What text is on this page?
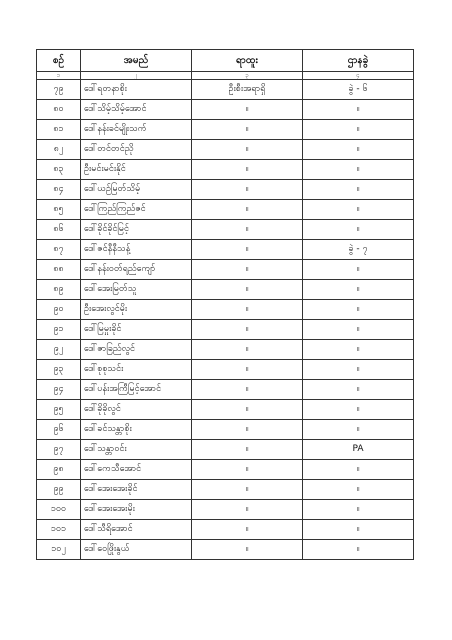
စဉ်	အမည်	ရာထူး	ဌာနခွဲ
၁	၂	၃	၄
၇၉	ဒေါ်ရတနာစိုး	ဦးစီးအရာရှိ	ခွဲ - ၆
၈၀	ဒေါ်သိမ့်သိမ့်အောင်	။	။
၈၁	ဒေါ်နန်းခင်မျိုးသက်	။	။
၈၂	ဒေါ်တင်တင်ညို	။	။
၈၃	ဦးမင်းမင်းနိုင်	။	။
၈၄	ဒေါ်ယဉ်မြတ်သိမ့်	။	။
၈၅	ဒေါ်ကြည်ကြည်ဇင်	။	။
၈၆	ဒေါ်ခိုင်ခိုင်မြင့်	။	။
၈၇	ဒေါ်ဇင်နီနီသန့်	။	ခွဲ - ၇
၈၈	ဒေါ်နန်းဝတ်ရည်ကျော်	။	။
၈၉	ဒေါ်အေးမြတ်သူ	။	။
၉၀	ဦးအေးလွင်မိုး	။	။
၉၁	ဒေါ်မြမှုးခိုင်	။	။
၉၂	ဒေါ်ဇာခြည်လွင်	။	။
၉၃	ဒေါ်စုစုသင်း	။	။
၉၄	ဒေါ်ပန်းအကြီမြင့်အောင်	။	။
၉၅	ဒေါ်ခိုခိုလွင်	။	။
၉၆	ဒေါ်ခင်သန္တာစိုး	။	။
၉၇	ဒေါ်သန္တာဝင်း	။	PA
၉၈	ဒေါ်ကေသီအောင်	။	။
၉၉	ဒေါ်အေးအေးခိုင်	။	။
၁၀၀	ဒေါ်အေးအေးမိုး	။	။
၁၀၁	ဒေါ်သီရိအောင်	။	။
၁၀၂	ဒေါ်ဝေဖြိုးနွယ်	။	။
